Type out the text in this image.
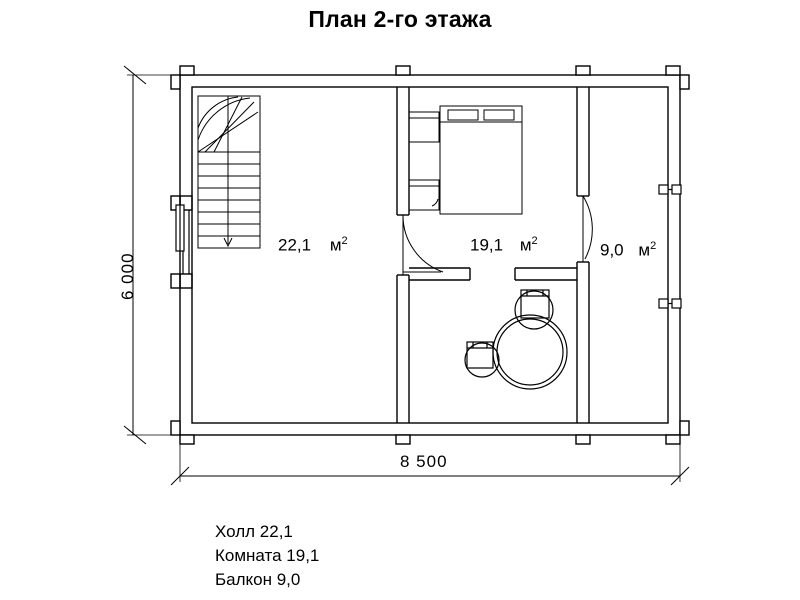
План 2-го этажа
22,1 $м^2$	19,1 $м^2$	9,0 $м^2$
6 000
8 500
Холл 22,1
Комната 19,1
Балкон 9,0
